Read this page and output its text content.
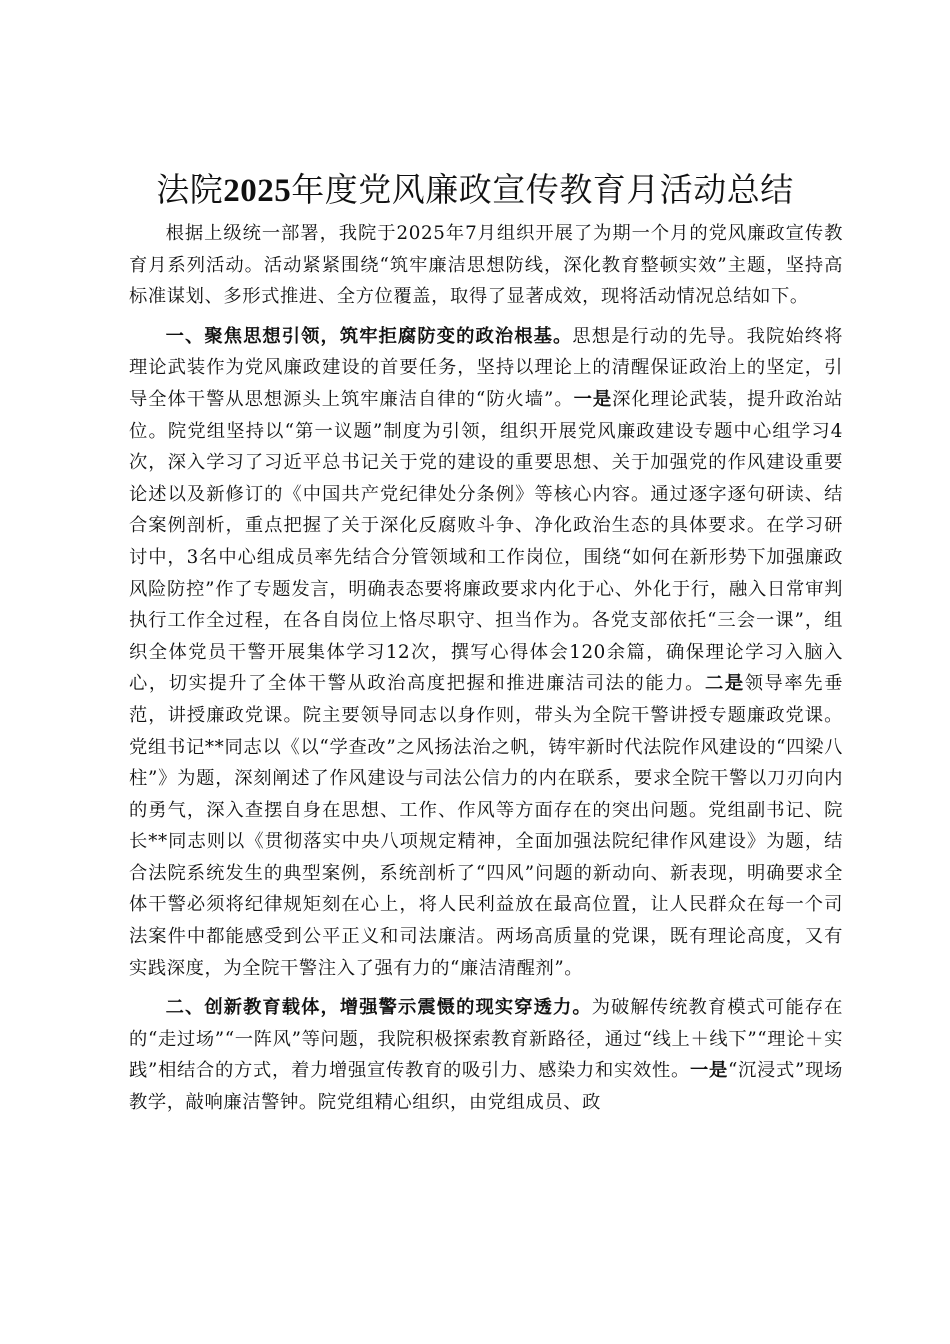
法院2025年度党风廉政宣传教育月活动总结

根据上级统一部署，我院于2025年7月组织开展了为期一个月的党风廉政宣传教育月系列活动。活动紧紧围绕“筑牢廉洁思想防线，深化教育整顿实效”主题，坚持高标准谋划、多形式推进、全方位覆盖，取得了显著成效，现将活动情况总结如下。

一、聚焦思想引领，筑牢拒腐防变的政治根基。思想是行动的先导。我院始终将理论武装作为党风廉政建设的首要任务，坚持以理论上的清醒保证政治上的坚定，引导全体干警从思想源头上筑牢廉洁自律的“防火墙”。一是深化理论武装，提升政治站位。院党组坚持以“第一议题”制度为引领，组织开展党风廉政建设专题中心组学习4次，深入学习了习近平总书记关于党的建设的重要思想、关于加强党的作风建设重要论述以及新修订的《中国共产党纪律处分条例》等核心内容。通过逐字逐句研读、结合案例剖析，重点把握了关于深化反腐败斗争、净化政治生态的具体要求。在学习研讨中，3名中心组成员率先结合分管领域和工作岗位，围绕“如何在新形势下加强廉政风险防控”作了专题发言，明确表态要将廉政要求内化于心、外化于行，融入日常审判执行工作全过程，在各自岗位上恪尽职守、担当作为。各党支部依托“三会一课”，组织全体党员干警开展集体学习12次，撰写心得体会120余篇，确保理论学习入脑入心，切实提升了全体干警从政治高度把握和推进廉洁司法的能力。二是领导率先垂范，讲授廉政党课。院主要领导同志以身作则，带头为全院干警讲授专题廉政党课。党组书记**同志以《以“学查改”之风扬法治之帆，铸牢新时代法院作风建设的“四梁八柱”》为题，深刻阐述了作风建设与司法公信力的内在联系，要求全院干警以刀刃向内的勇气，深入查摆自身在思想、工作、作风等方面存在的突出问题。党组副书记、院长**同志则以《贯彻落实中央八项规定精神，全面加强法院纪律作风建设》为题，结合法院系统发生的典型案例，系统剖析了“四风”问题的新动向、新表现，明确要求全体干警必须将纪律规矩刻在心上，将人民利益放在最高位置，让人民群众在每一个司法案件中都能感受到公平正义和司法廉洁。两场高质量的党课，既有理论高度，又有实践深度，为全院干警注入了强有力的“廉洁清醒剂”。

二、创新教育载体，增强警示震慑的现实穿透力。为破解传统教育模式可能存在的“走过场”“一阵风”等问题，我院积极探索教育新路径，通过“线上＋线下”“理论＋实践”相结合的方式，着力增强宣传教育的吸引力、感染力和实效性。一是“沉浸式”现场教学，敲响廉洁警钟。院党组精心组织，由党组成员、政
